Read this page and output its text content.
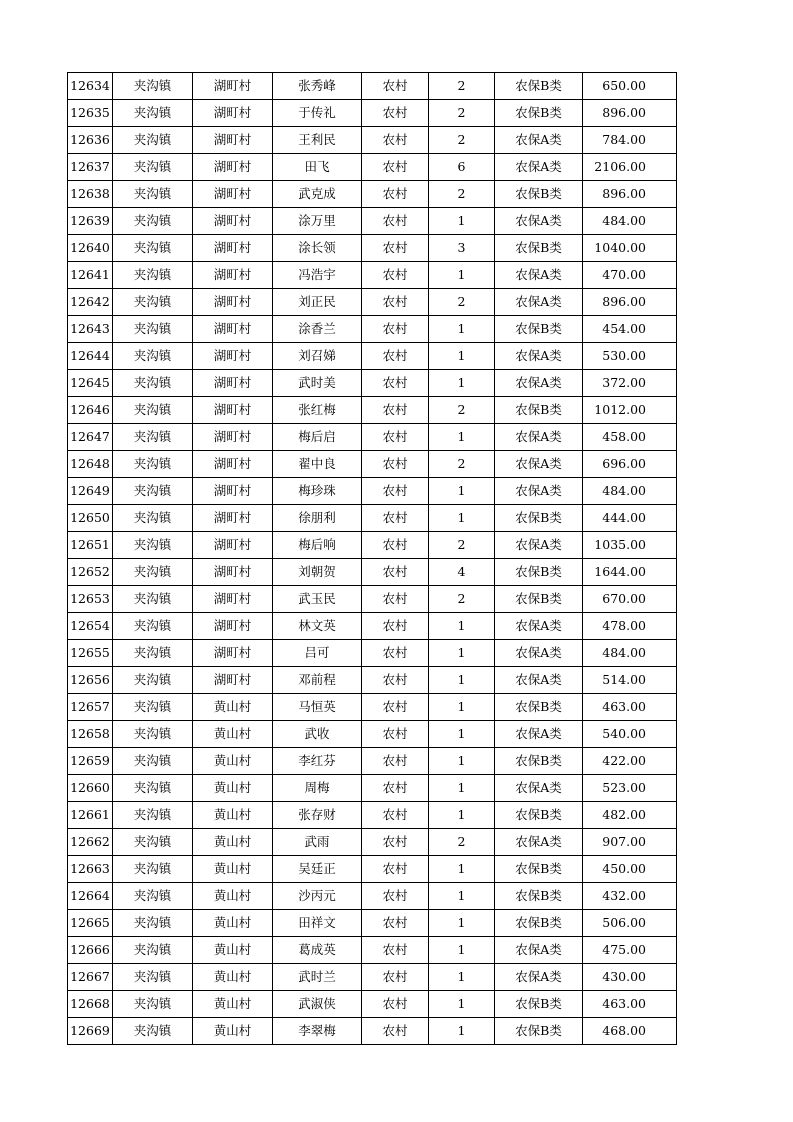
12634	夹沟镇	湖町村	张秀峰	农村	2	农保B类	650.00
12635	夹沟镇	湖町村	于传礼	农村	2	农保B类	896.00
12636	夹沟镇	湖町村	王利民	农村	2	农保A类	784.00
12637	夹沟镇	湖町村	田飞	农村	6	农保A类	2106.00
12638	夹沟镇	湖町村	武克成	农村	2	农保B类	896.00
12639	夹沟镇	湖町村	涂万里	农村	1	农保A类	484.00
12640	夹沟镇	湖町村	涂长领	农村	3	农保B类	1040.00
12641	夹沟镇	湖町村	冯浩宇	农村	1	农保A类	470.00
12642	夹沟镇	湖町村	刘正民	农村	2	农保A类	896.00
12643	夹沟镇	湖町村	涂香兰	农村	1	农保B类	454.00
12644	夹沟镇	湖町村	刘召娣	农村	1	农保A类	530.00
12645	夹沟镇	湖町村	武时美	农村	1	农保A类	372.00
12646	夹沟镇	湖町村	张红梅	农村	2	农保B类	1012.00
12647	夹沟镇	湖町村	梅后启	农村	1	农保A类	458.00
12648	夹沟镇	湖町村	翟中良	农村	2	农保A类	696.00
12649	夹沟镇	湖町村	梅珍珠	农村	1	农保A类	484.00
12650	夹沟镇	湖町村	徐朋利	农村	1	农保B类	444.00
12651	夹沟镇	湖町村	梅后响	农村	2	农保A类	1035.00
12652	夹沟镇	湖町村	刘朝贺	农村	4	农保B类	1644.00
12653	夹沟镇	湖町村	武玉民	农村	2	农保B类	670.00
12654	夹沟镇	湖町村	林文英	农村	1	农保A类	478.00
12655	夹沟镇	湖町村	吕可	农村	1	农保A类	484.00
12656	夹沟镇	湖町村	邓前程	农村	1	农保A类	514.00
12657	夹沟镇	黄山村	马恒英	农村	1	农保B类	463.00
12658	夹沟镇	黄山村	武收	农村	1	农保A类	540.00
12659	夹沟镇	黄山村	李红芬	农村	1	农保B类	422.00
12660	夹沟镇	黄山村	周梅	农村	1	农保A类	523.00
12661	夹沟镇	黄山村	张存财	农村	1	农保B类	482.00
12662	夹沟镇	黄山村	武雨	农村	2	农保A类	907.00
12663	夹沟镇	黄山村	吴廷正	农村	1	农保B类	450.00
12664	夹沟镇	黄山村	沙丙元	农村	1	农保B类	432.00
12665	夹沟镇	黄山村	田祥文	农村	1	农保B类	506.00
12666	夹沟镇	黄山村	葛成英	农村	1	农保A类	475.00
12667	夹沟镇	黄山村	武时兰	农村	1	农保A类	430.00
12668	夹沟镇	黄山村	武淑侠	农村	1	农保B类	463.00
12669	夹沟镇	黄山村	李翠梅	农村	1	农保B类	468.00
